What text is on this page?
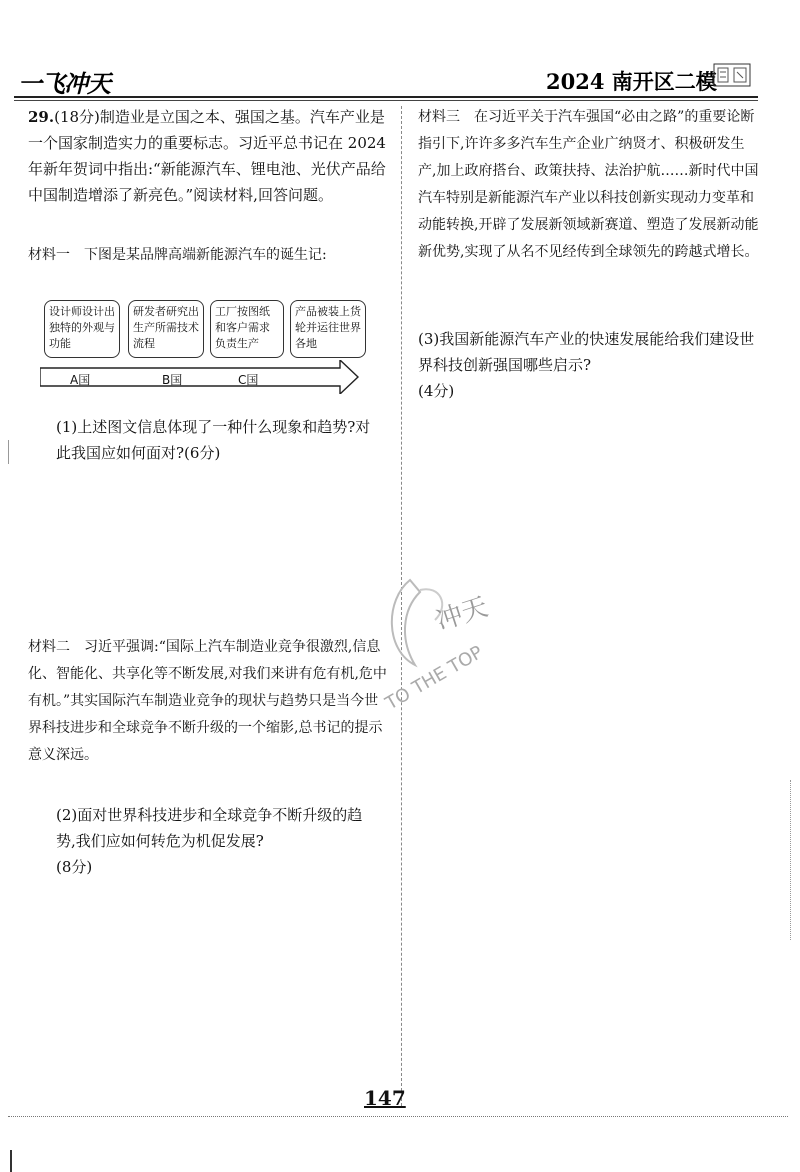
一飞冲天	2024 南开区二模
29.(18分)制造业是立国之本、强国之基。汽车产业是一个国家制造实力的重要标志。习近平总书记在 2024 年新年贺词中指出:“新能源汽车、锂电池、光伏产品给中国制造增添了新亮色。”阅读材料,回答问题。
材料一　下图是某品牌高端新能源汽车的诞生记:
设计师设计出独特的外观与功能
研发者研究出生产所需技术流程
工厂按图纸和客户需求负责生产
产品被装上货轮并运往世界各地
A国	B国	C国
(1)上述图文信息体现了一种什么现象和趋势?对此我国应如何面对?(6分)
材料二　习近平强调:“国际上汽车制造业竞争很激烈,信息化、智能化、共享化等不断发展,对我们来讲有危有机,危中有机。”其实国际汽车制造业竞争的现状与趋势只是当今世界科技进步和全球竞争不断升级的一个缩影,总书记的提示意义深远。
(2)面对世界科技进步和全球竞争不断升级的趋势,我们应如何转危为机促发展?
(8分)
材料三　在习近平关于汽车强国“必由之路”的重要论断指引下,许许多多汽车生产企业广纳贤才、积极研发生产,加上政府搭台、政策扶持、法治护航……新时代中国汽车特别是新能源汽车产业以科技创新实现动力变革和动能转换,开辟了发展新领域新赛道、塑造了发展新动能新优势,实现了从名不见经传到全球领先的跨越式增长。
(3)我国新能源汽车产业的快速发展能给我们建设世界科技创新强国哪些启示?
(4分)
冲天
TO THE TOP
147
